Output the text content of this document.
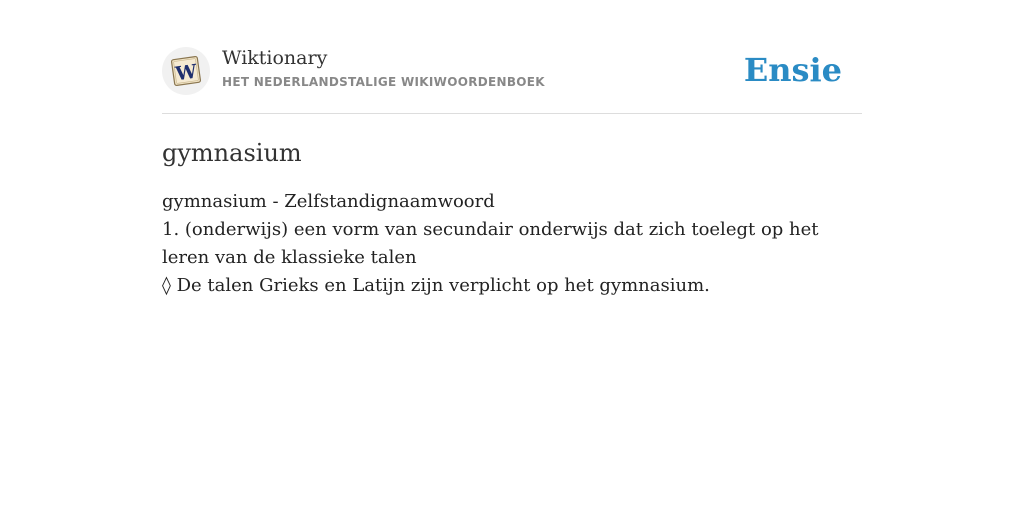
W
Wiktionary
HET NEDERLANDSTALIGE WIKIWOORDENBOEK	Ensie
gymnasium

gymnasium - Zelfstandignaamwoord

1. (onderwijs) een vorm van secundair onderwijs dat zich toelegt op het leren van de klassieke talen

◊ De talen Grieks en Latijn zijn verplicht op het gymnasium.
